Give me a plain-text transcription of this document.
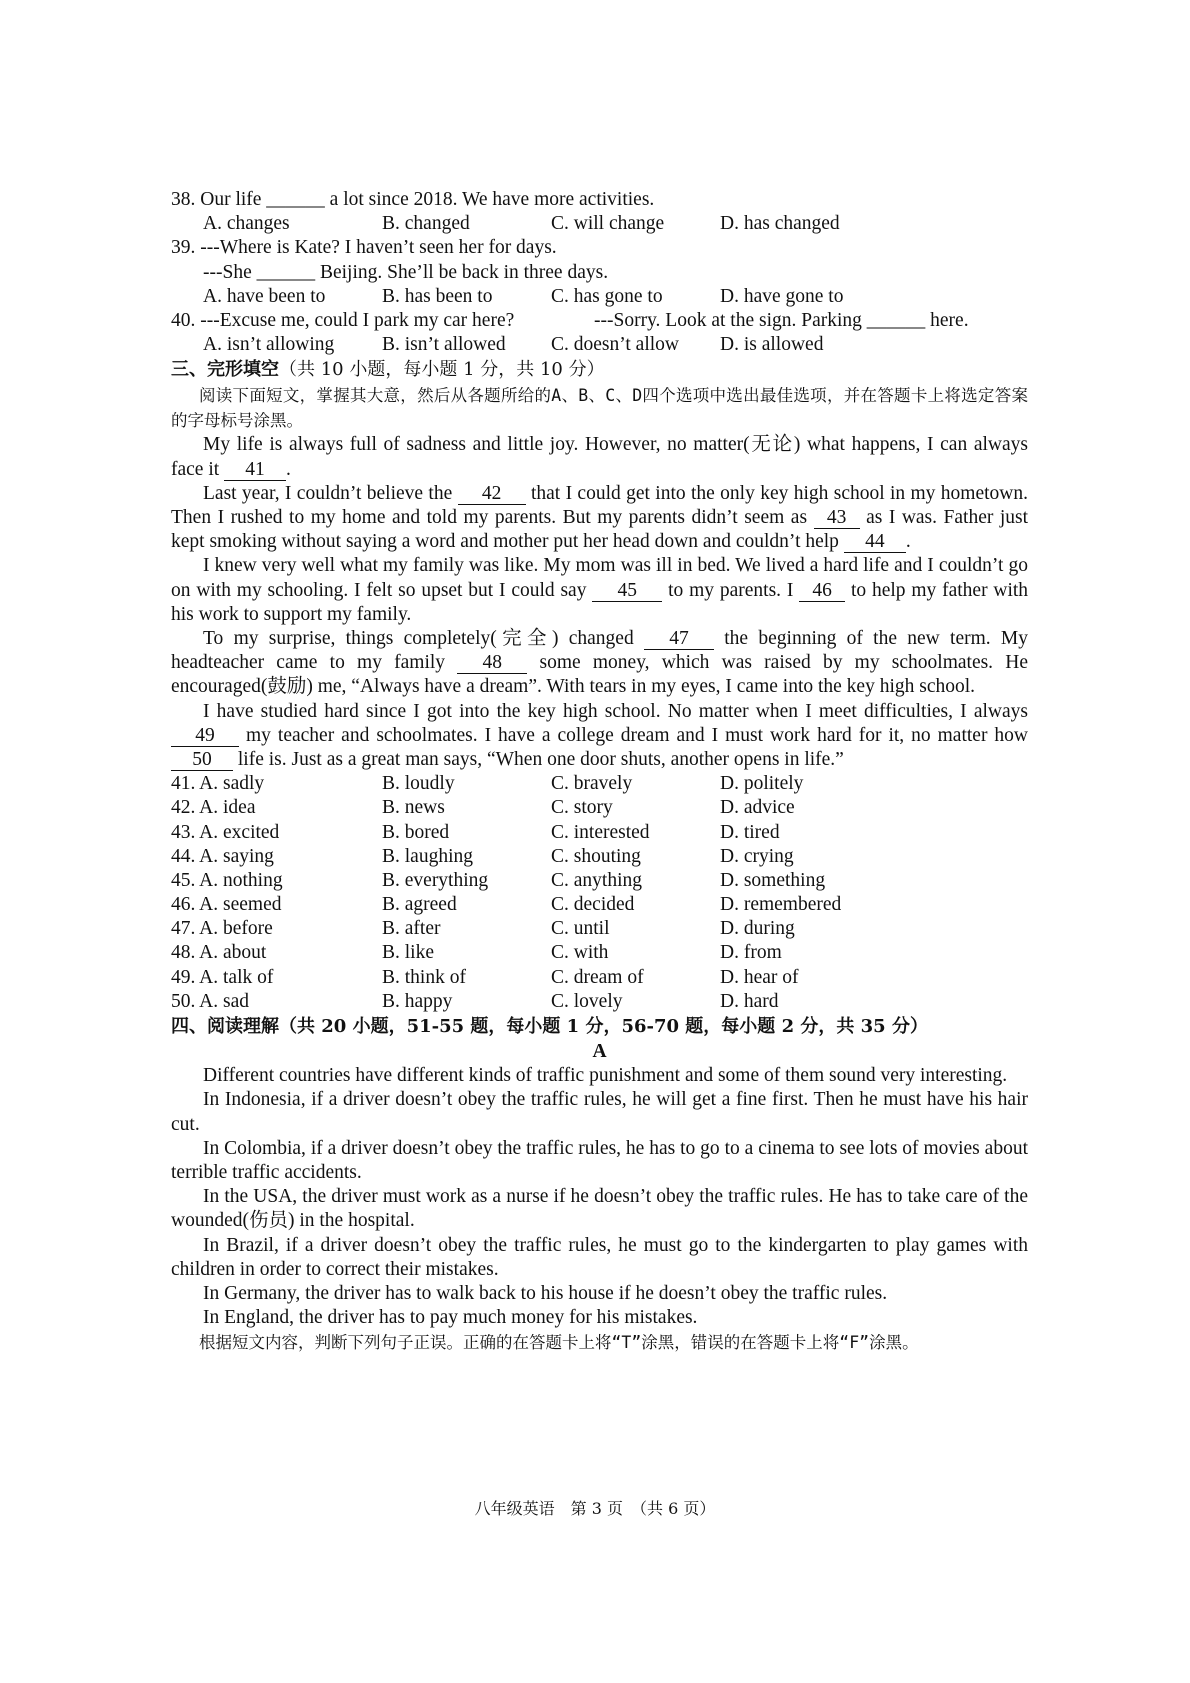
38. Our life ______ a lot since 2018. We have more activities.
A. changes	B. changed	C. will change	D. has changed
39. ---Where is Kate? I haven’t seen her for days.
---She ______ Beijing. She’ll be back in three days.
A. have been to	B. has been to	C. has gone to	D. have gone to
40. ---Excuse me, could I park my car here?	---Sorry. Look at the sign. Parking ______ here.
A. isn’t allowing B. isn’t allowed C. doesn’t allow D. is allowed
三、完形填空（共 10 小题，每小题 1 分，共 10 分）
阅读下面短文，掌握其大意，然后从各题所给的A、B、C、D四个选项中选出最佳选项，并在答题卡上将选定答案的字母标号涂黑。
My life is always full of sadness and little joy. However, no matter(无论) what happens, I can always face it 41 .
Last year, I couldn’t believe the 42 that I could get into the only key high school in my hometown. Then I rushed to my home and told my parents. But my parents didn’t seem as 43 as I was. Father just kept smoking without saying a word and mother put her head down and couldn’t help 44 .
I knew very well what my family was like. My mom was ill in bed. We lived a hard life and I couldn’t go on with my schooling. I felt so upset but I could say 45 to my parents. I 46 to help my father with his work to support my family.
To my surprise, things completely(完全) changed 47 the beginning of the new term. My headteacher came to my family 48 some money, which was raised by my schoolmates. He encouraged(鼓励) me, “Always have a dream”. With tears in my eyes, I came into the key high school.
I have studied hard since I got into the key high school. No matter when I meet difficulties, I always 49 my teacher and schoolmates. I have a college dream and I must work hard for it, no matter how 50 life is. Just as a great man says, “When one door shuts, another opens in life.”
41. A. sadly	B. loudly	C. bravely	D. politely
42. A. idea	B. news	C. story	D. advice
43. A. excited	B. bored	C. interested	D. tired
44. A. saying	B. laughing	C. shouting	D. crying
45. A. nothing	B. everything	C. anything	D. something
46. A. seemed	B. agreed	C. decided	D. remembered
47. A. before	B. after	C. until	D. during
48. A. about	B. like	C. with	D. from
49. A. talk of	B. think of	C. dream of	D. hear of
50. A. sad	B. happy	C. lovely	D. hard
四、阅读理解（共 20 小题，51-55 题，每小题 1 分，56-70 题，每小题 2 分，共 35 分）
A
Different countries have different kinds of traffic punishment and some of them sound very interesting.
In Indonesia, if a driver doesn’t obey the traffic rules, he will get a fine first. Then he must have his hair cut.
In Colombia, if a driver doesn’t obey the traffic rules, he has to go to a cinema to see lots of movies about terrible traffic accidents.
In the USA, the driver must work as a nurse if he doesn’t obey the traffic rules. He has to take care of the wounded(伤员) in the hospital.
In Brazil, if a driver doesn’t obey the traffic rules, he must go to the kindergarten to play games with children in order to correct their mistakes.
In Germany, the driver has to walk back to his house if he doesn’t obey the traffic rules.
In England, the driver has to pay much money for his mistakes.
根据短文内容，判断下列句子正误。正确的在答题卡上将“T”涂黑，错误的在答题卡上将“F”涂黑。
八年级英语　第 3 页　（共 6 页）
